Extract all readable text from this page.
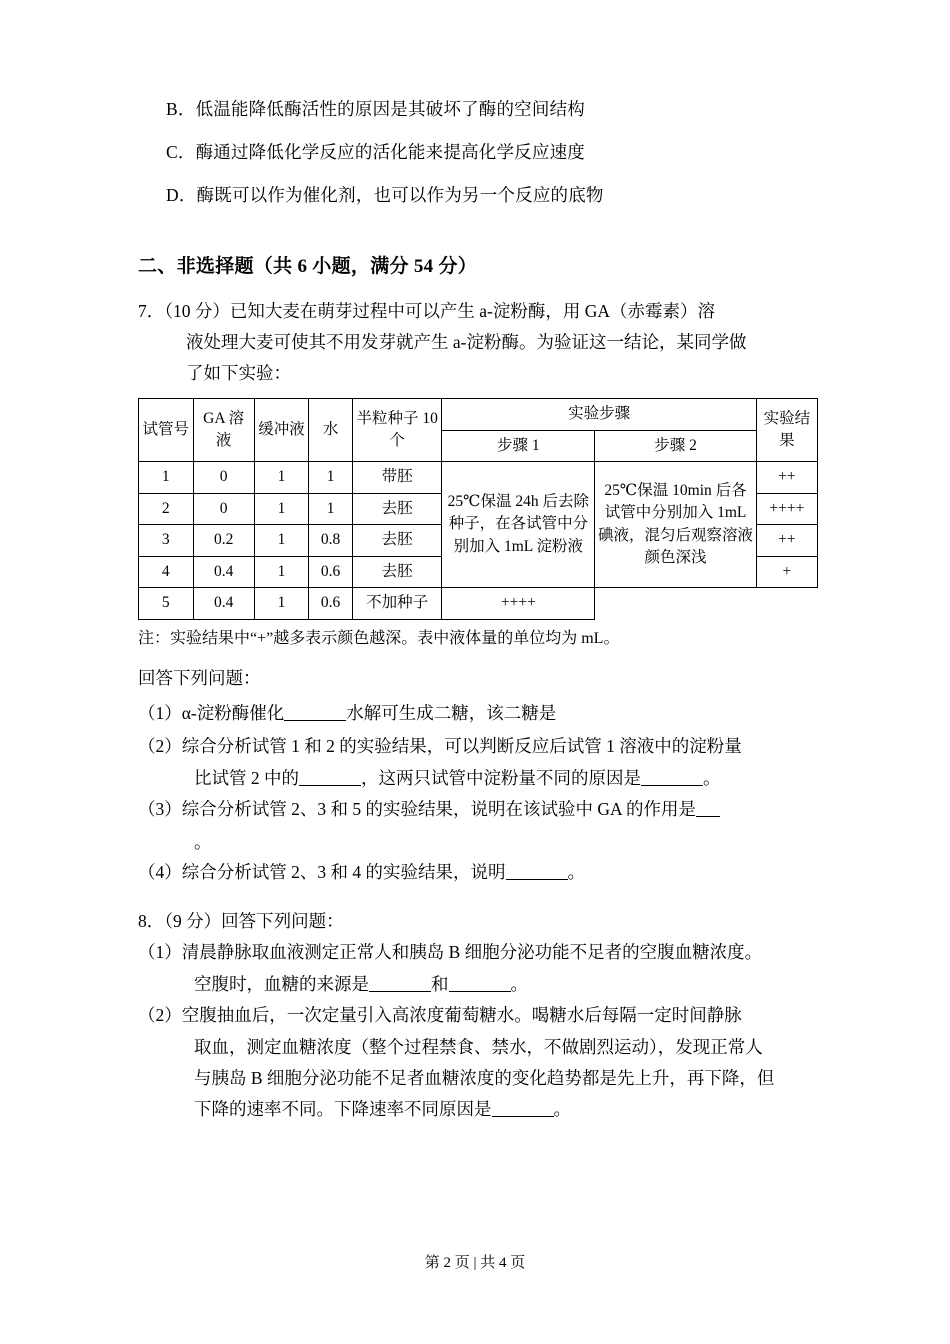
B．低温能降低酶活性的原因是其破坏了酶的空间结构

C．酶通过降低化学反应的活化能来提高化学反应速度

D．酶既可以作为催化剂，也可以作为另一个反应的底物

二、非选择题（共 6 小题，满分 54 分）

7．（10 分）已知大麦在萌芽过程中可以产生 a‑淀粉酶，用 GA（赤霉素）溶

液处理大麦可使其不用发芽就产生 a‑淀粉酶。为验证这一结论，某同学做

了如下实验：

试管号	GA 溶液	缓冲液	水	半粒种子 10 个	实验步骤		实验结果
					步骤 1	步骤 2	
1	0	1	1	带胚	25℃保温 24h 后去除种子，在各试管中分别加入 1mL 淀粉液	25℃保温 10min 后各试管中分别加入 1mL 碘液，混匀后观察溶液颜色深浅	++
2	0	1	1	去胚			++++
3	0.2	1	0.8	去胚			++
4	0.4	1	0.6	去胚			+
5	0.4	1	0.6	不加种子	++++		

注：实验结果中“+”越多表示颜色越深。表中液体量的单位均为 mL。

回答下列问题：

（1）α‑淀粉酶催化	水解可生成二糖，该二糖是

（2）综合分析试管 1 和 2 的实验结果，可以判断反应后试管 1 溶液中的淀粉量

比试管 2 中的	，这两只试管中淀粉量不同的原因是	。

（3）综合分析试管 2、3 和 5 的实验结果，说明在该试验中 GA 的作用是

。

（4）综合分析试管 2、3 和 4 的实验结果，说明	。

8．（9 分）回答下列问题：

（1）清晨静脉取血液测定正常人和胰岛 B 细胞分泌功能不足者的空腹血糖浓度。

空腹时，血糖的来源是	和	。

（2）空腹抽血后，一次定量引入高浓度葡萄糖水。喝糖水后每隔一定时间静脉

取血，测定血糖浓度（整个过程禁食、禁水，不做剧烈运动），发现正常人

与胰岛 B 细胞分泌功能不足者血糖浓度的变化趋势都是先上升，再下降，但

下降的速率不同。下降速率不同原因是	。

第 2 页 | 共 4 页
